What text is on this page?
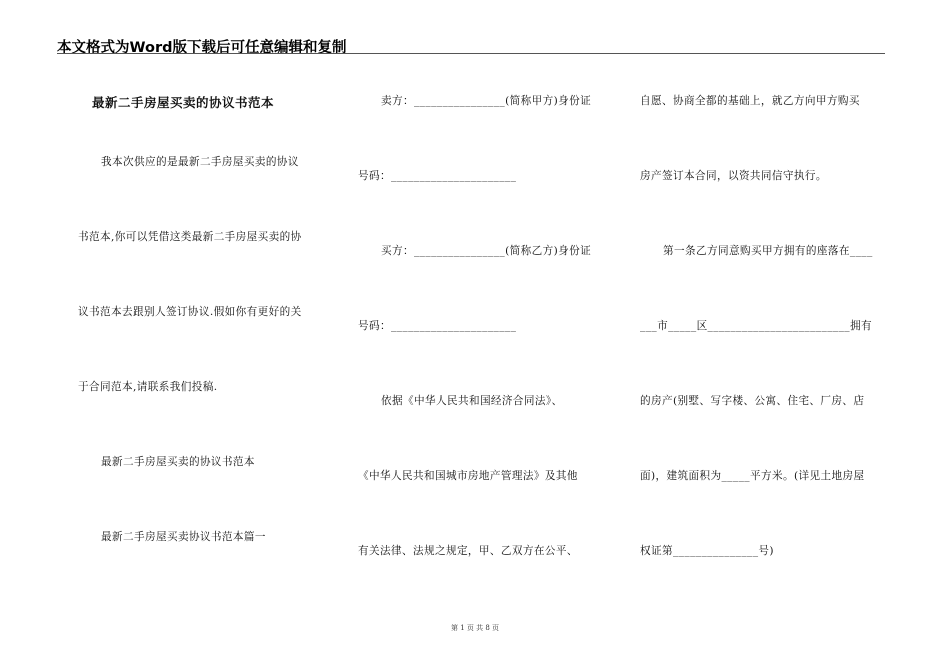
本文格式为Word版下载后可任意编辑和复制
最新二手房屋买卖的协议书范本
我本次供应的是最新二手房屋买卖的协议
书范本,你可以凭借这类最新二手房屋买卖的协
议书范本去跟别人签订协议.假如你有更好的关
于合同范本,请联系我们投稿.
最新二手房屋买卖的协议书范本
最新二手房屋买卖协议书范本篇一
卖方：________________(简称甲方)身份证
号码：______________________
买方：________________(简称乙方)身份证
号码：______________________
依据《中华人民共和国经济合同法》、
《中华人民共和国城市房地产管理法》及其他
有关法律、法规之规定，甲、乙双方在公平、
自愿、协商全都的基础上，就乙方向甲方购买
房产签订本合同，以资共同信守执行。
第一条乙方同意购买甲方拥有的座落在____
___市_____区_________________________拥有
的房产(别墅、写字楼、公寓、住宅、厂房、店
面)，建筑面积为_____平方米。(详见土地房屋
权证第_______________号)
第 1 页 共 8 页
